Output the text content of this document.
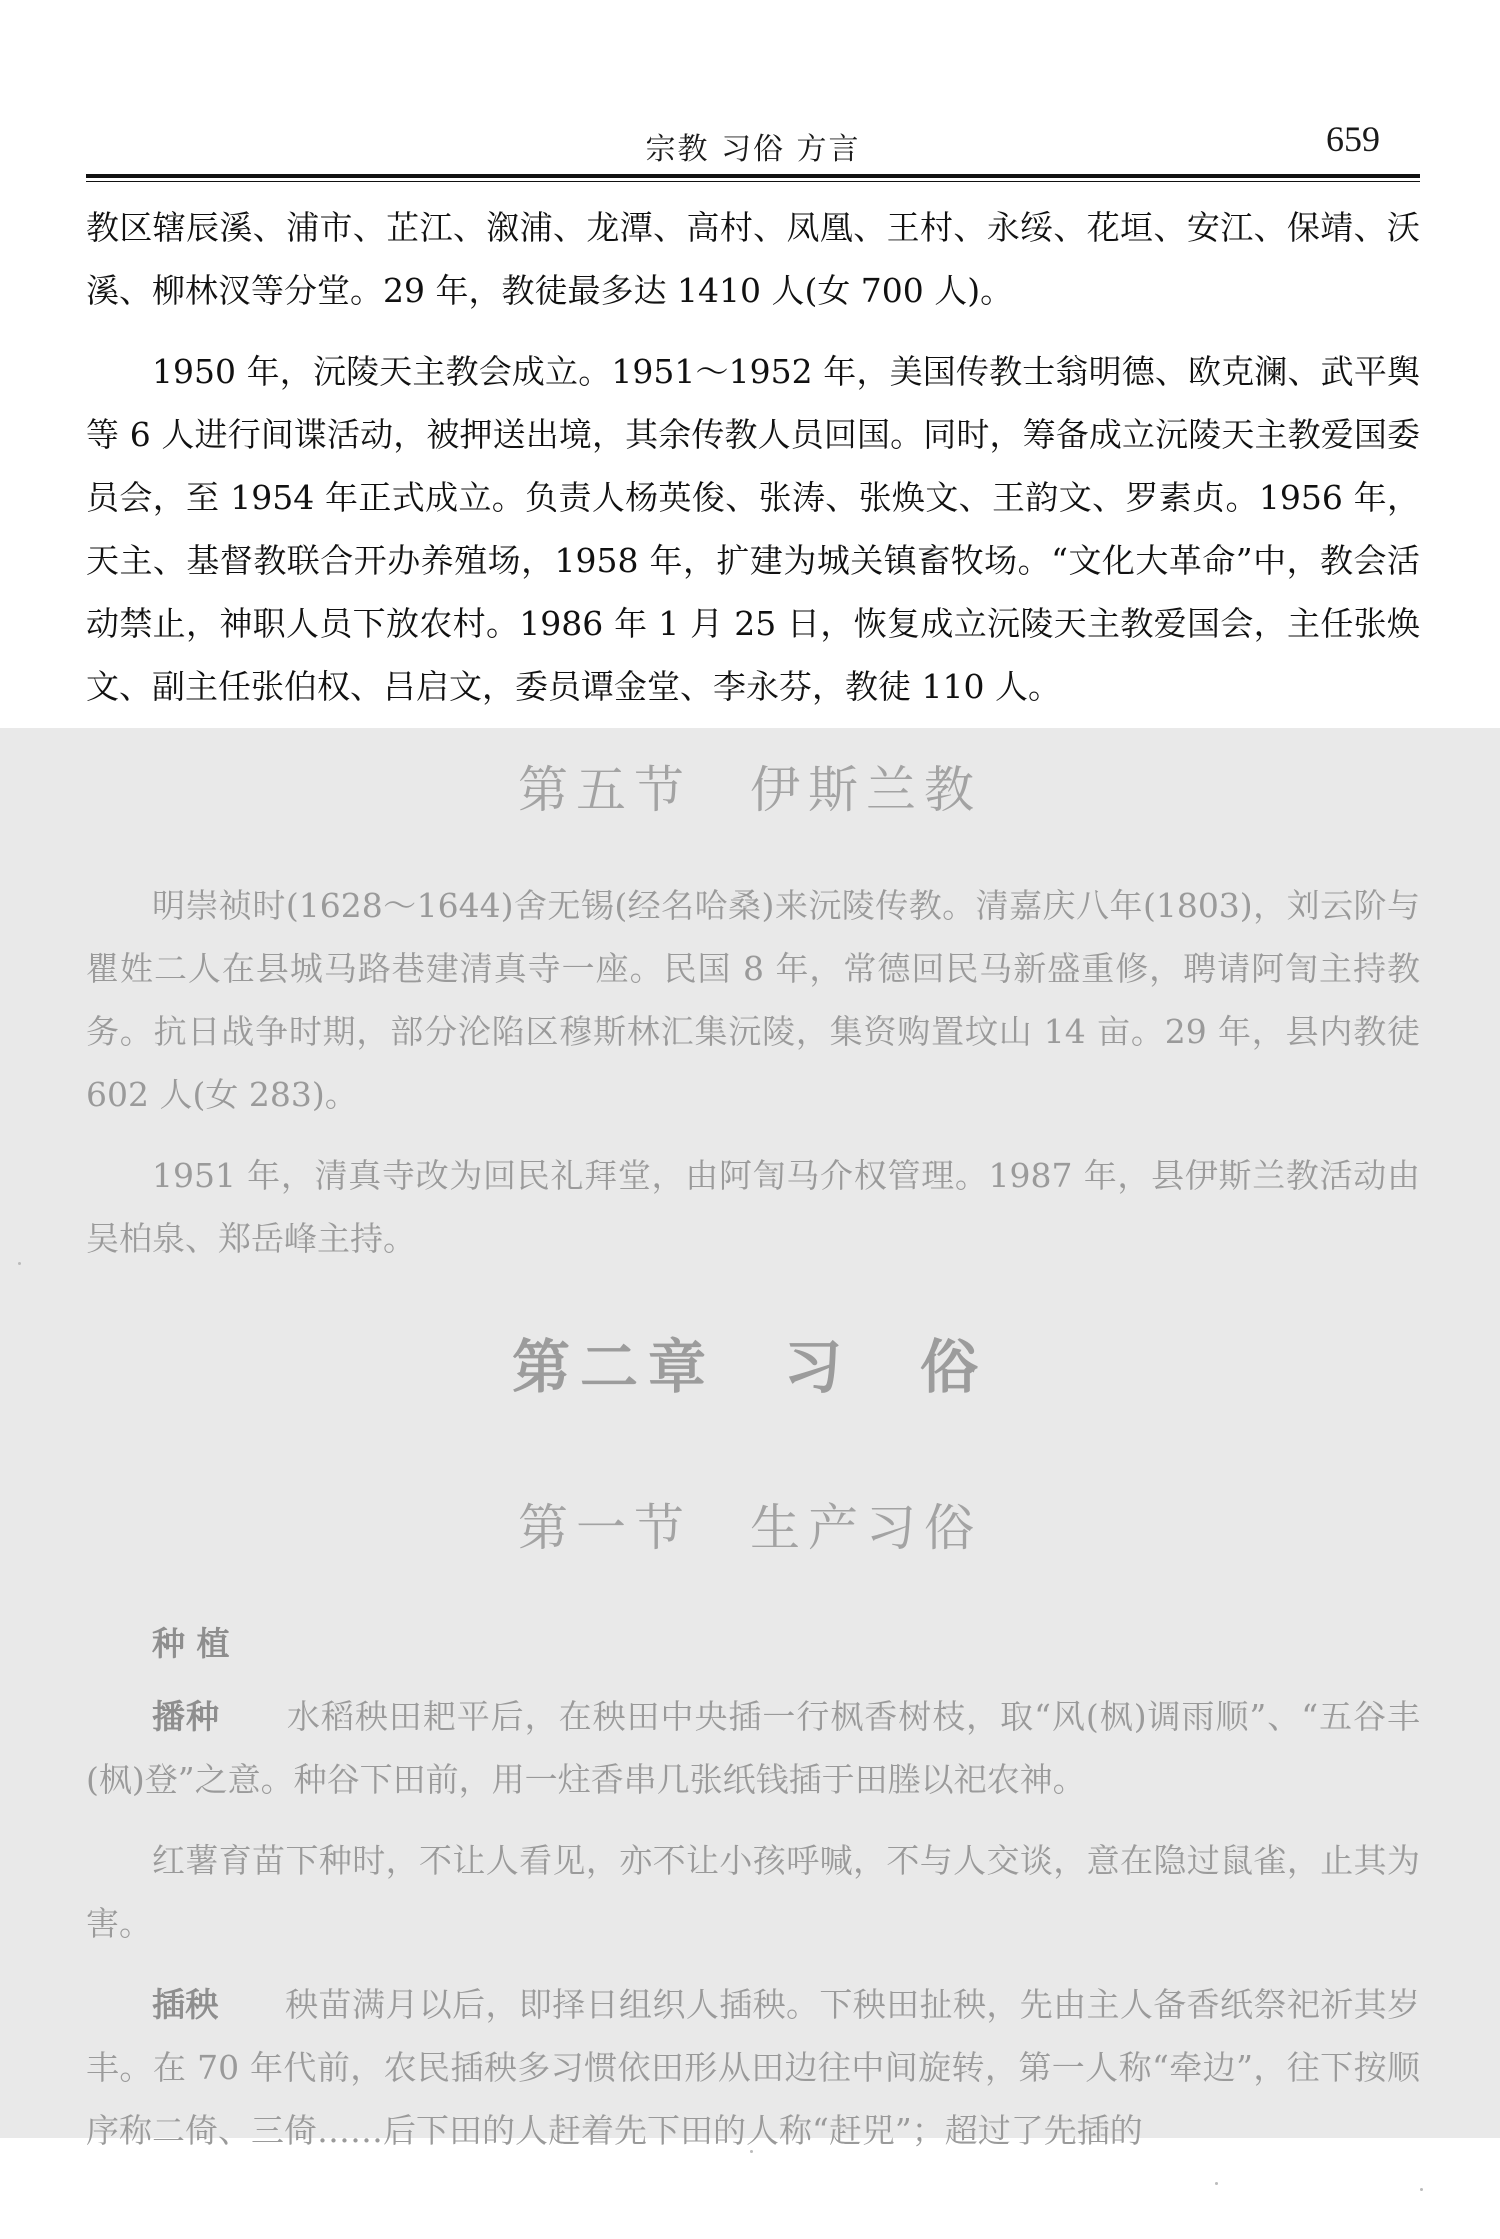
宗教 习俗 方言	659

教区辖辰溪、浦市、芷江、溆浦、龙潭、高村、凤凰、王村、永绥、花垣、安江、保靖、沃溪、柳林汊等分堂。29 年，教徒最多达 1410 人(女 700 人)。

1950 年，沅陵天主教会成立。1951～1952 年，美国传教士翁明德、欧克澜、武平舆等 6 人进行间谍活动，被押送出境，其余传教人员回国。同时，筹备成立沅陵天主教爱国委员会，至 1954 年正式成立。负责人杨英俊、张涛、张焕文、王韵文、罗素贞。1956 年，天主、基督教联合开办养殖场，1958 年，扩建为城关镇畜牧场。“文化大革命”中，教会活动禁止，神职人员下放农村。1986 年 1 月 25 日，恢复成立沅陵天主教爱国会，主任张焕文、副主任张伯权、吕启文，委员谭金堂、李永芬，教徒 110 人。

第五节　伊斯兰教

明崇祯时(1628～1644)舍无锡(经名哈桑)来沅陵传教。清嘉庆八年(1803)，刘云阶与瞿姓二人在县城马路巷建清真寺一座。民国 8 年，常德回民马新盛重修，聘请阿訇主持教务。抗日战争时期，部分沦陷区穆斯林汇集沅陵，集资购置坟山 14 亩。29 年，县内教徒 602 人(女 283)。

1951 年，清真寺改为回民礼拜堂，由阿訇马介权管理。1987 年，县伊斯兰教活动由吴柏泉、郑岳峰主持。

第二章　习　俗
第一节　生产习俗

种 植

播种 水稻秧田耙平后，在秧田中央插一行枫香树枝，取“风(枫)调雨顺”、“五谷丰(枫)登”之意。种谷下田前，用一炷香串几张纸钱插于田塍以祀农神。

红薯育苗下种时，不让人看见，亦不让小孩呼喊，不与人交谈，意在隐过鼠雀，止其为害。

插秧 秧苗满月以后，即择日组织人插秧。下秧田扯秧，先由主人备香纸祭祀祈其岁丰。在 70 年代前，农民插秧多习惯依田形从田边往中间旋转，第一人称“牵边”，往下按顺序称二倚、三倚……后下田的人赶着先下田的人称“赶兕”；超过了先插的
